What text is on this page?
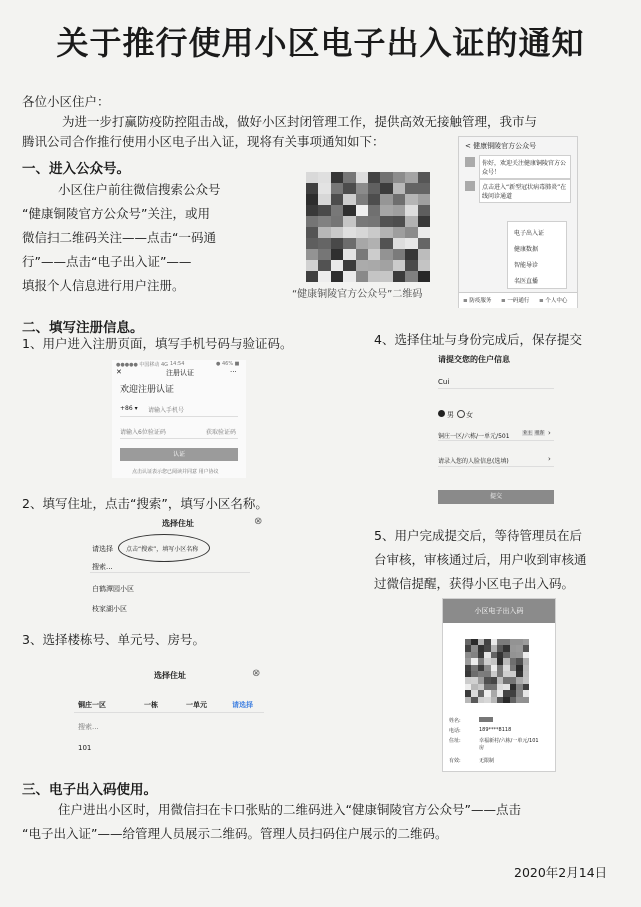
关于推行使用小区电子出入证的通知
各位小区住户：
为进一步打赢防疫防控阻击战，做好小区封闭管理工作，提供高效无接触管理，我市与
腾讯公司合作推行使用小区电子出入证，现将有关事项通知如下：
一、进入公众号。
小区住户前往微信搜索公众号
“健康铜陵官方公众号”关注，或用
微信扫二维码关注——点击“一码通
行”——点击“电子出入证”——
填报个人信息进行用户注册。
“健康铜陵官方公众号”二维码
< 健康铜陵官方公众号
你好，欢迎关注健康铜陵官方公众号！
点击进入“新型冠状病毒肺炎”在线问诊通道
电子出入证
健康数据
智能导诊
名医直播
≡ 防疫服务 ≡ 一码通行 ≡ 个人中心
二、填写注册信息。
1、用户进入注册页面，填写手机号码与验证码。	4、选择住址与身份完成后，保存提交
●●●●● 中国移动 4G 14:54	● 46% ■
✕	注册认证	···
欢迎注册认证
+86 ▾ 请输入手机号
请输入6位验证码	获取验证码
认证
点击认证表示您已阅读并同意 用户协议
请提交您的住户信息
Cui
男 女
铜庄一区/六栋/一单元/501	业主 租客 ›
请录入您的人脸信息(选填)	›
提交
2、填写住址，点击“搜索”，填写小区名称。
选择住址	⊗
请选择 点击“搜索”，填写小区名称
搜索...
白鹤潭园小区
枝家湖小区
3、选择楼栋号、单元号、房号。
选择住址	⊗
铜庄一区	一栋	一单元	请选择
搜索...
101
5、用户完成提交后，等待管理员在后
台审核，审核通过后，用户收到审核通
过微信提醒，获得小区电子出入码。
小区电子出入码
姓名:
电话:	189****8118
住址:	幸福新村/六栋/一单元/101房
有效:	无限制
三、电子出入码使用。
住户进出小区时，用微信扫在卡口张贴的二维码进入“健康铜陵官方公众号”——点击
“电子出入证”——给管理人员展示二维码。管理人员扫码住户展示的二维码。
2020年2月14日
